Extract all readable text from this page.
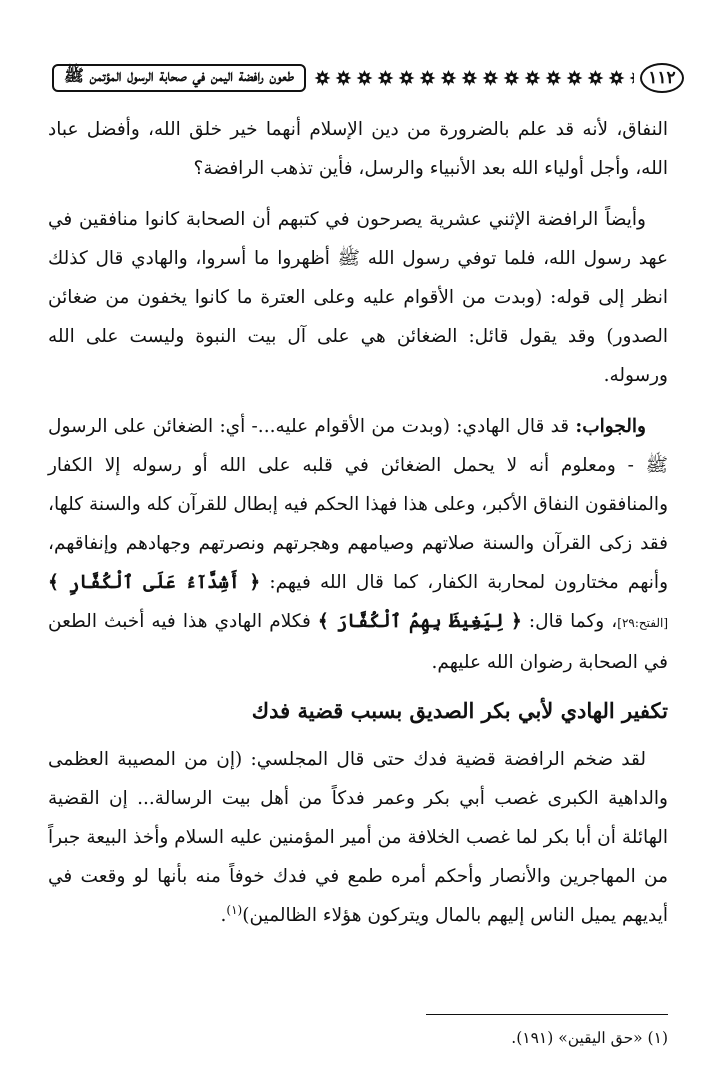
١١٢
طعون رافضة اليمن في صحابة الرسول المؤتمن ﷺ

النفاق، لأنه قد علم بالضرورة من دين الإسلام أنهما خير خلق الله، وأفضل عباد الله، وأجل أولياء الله بعد الأنبياء والرسل، فأين تذهب الرافضة؟

وأيضاً الرافضة الإثني عشرية يصرحون في كتبهم أن الصحابة كانوا منافقين في عهد رسول الله، فلما توفي رسول الله ﷺ أظهروا ما أسروا، والهادي قال كذلك انظر إلى قوله: (وبدت من الأقوام عليه وعلى العترة ما كانوا يخفون من ضغائن الصدور) وقد يقول قائل: الضغائن هي على آل بيت النبوة وليست على الله ورسوله.

والجواب: قد قال الهادي: (وبدت من الأقوام عليه...- أي: الضغائن على الرسول ﷺ - ومعلوم أنه لا يحمل الضغائن في قلبه على الله أو رسوله إلا الكفار والمنافقون النفاق الأكبر، وعلى هذا فهذا الحكم فيه إبطال للقرآن كله والسنة كلها، فقد زكى القرآن والسنة صلاتهم وصيامهم وهجرتهم ونصرتهم وجهادهم وإنفاقهم، وأنهم مختارون لمحاربة الكفار، كما قال الله فيهم: ﴿ أَشِدَّآءُ عَلَى ٱلْكُفَّارِ ﴾ [الفتح:٢٩]، وكما قال: ﴿ لِيَغِيظَ بِهِمُ ٱلْكُفَّارَ ﴾ فكلام الهادي هذا فيه أخبث الطعن في الصحابة رضوان الله عليهم.

تكفير الهادي لأبي بكر الصديق بسبب قضية فدك

لقد ضخم الرافضة قضية فدك حتى قال المجلسي: (إن من المصيبة العظمى والداهية الكبرى غصب أبي بكر وعمر فدكاً من أهل بيت الرسالة... إن القضية الهائلة أن أبا بكر لما غصب الخلافة من أمير المؤمنين عليه السلام وأخذ البيعة جبراً من المهاجرين والأنصار وأحكم أمره طمع في فدك خوفاً منه بأنها لو وقعت في أيديهم يميل الناس إليهم بالمال ويتركون هؤلاء الظالمين)$^{(١)}$.

(١) «حق اليقين» (١٩١).
